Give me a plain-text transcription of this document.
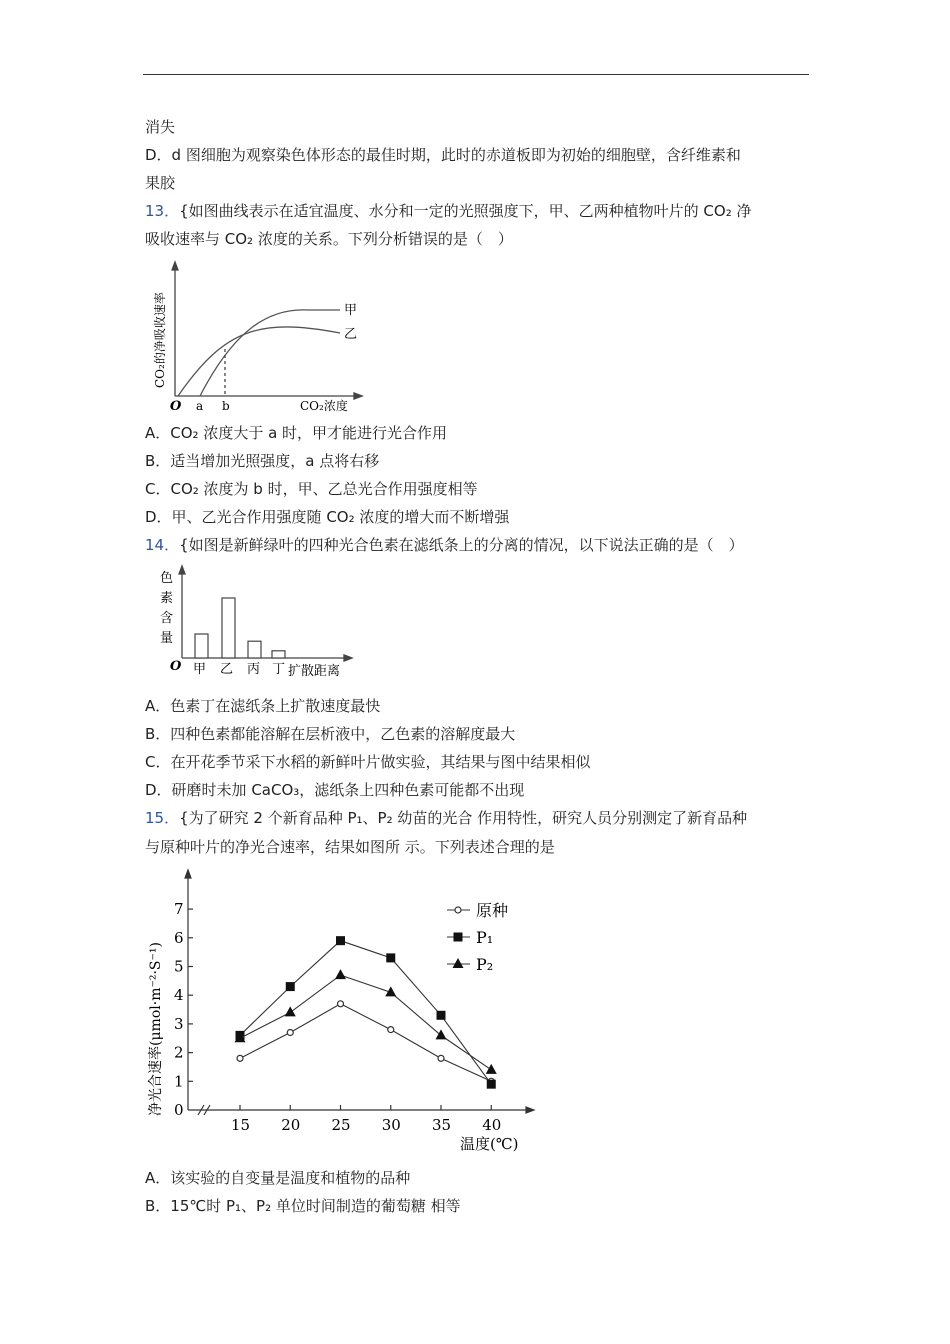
消失
D．d 图细胞为观察染色体形态的最佳时期，此时的赤道板即为初始的细胞壁，含纤维素和
果胶
13．{如图曲线表示在适宜温度、水分和一定的光照强度下，甲、乙两种植物叶片的 CO₂ 净
吸收速率与 CO₂ 浓度的关系。下列分析错误的是（　）
甲
乙
O a b	CO₂浓度
CO₂的净吸收速率
A．CO₂ 浓度大于 a 时，甲才能进行光合作用
B．适当增加光照强度，a 点将右移
C．CO₂ 浓度为 b 时，甲、乙总光合作用强度相等
D．甲、乙光合作用强度随 CO₂ 浓度的增大而不断增强
14．{如图是新鲜绿叶的四种光合色素在滤纸条上的分离的情况，以下说法正确的是（　）
色
素
含
量
O 甲 乙 丙 丁 扩散距离
A．色素丁在滤纸条上扩散速度最快
B．四种色素都能溶解在层析液中，乙色素的溶解度最大
C．在开花季节采下水稻的新鲜叶片做实验，其结果与图中结果相似
D．研磨时未加 CaCO₃，滤纸条上四种色素可能都不出现
15．{为了研究 2 个新育品种 P₁、P₂ 幼苗的光合 作用特性，研究人员分别测定了新育品种
与原种叶片的净光合速率，结果如图所 示。下列表述合理的是
0
1
2
3
4
5
6
7
15 20 25 30 35 40
原种
P₁
P₂
温度(℃)
净光合速率(μmol·m⁻²·S⁻¹)
A．该实验的自变量是温度和植物的品种
B．15℃时 P₁、P₂ 单位时间制造的葡萄糖 相等
